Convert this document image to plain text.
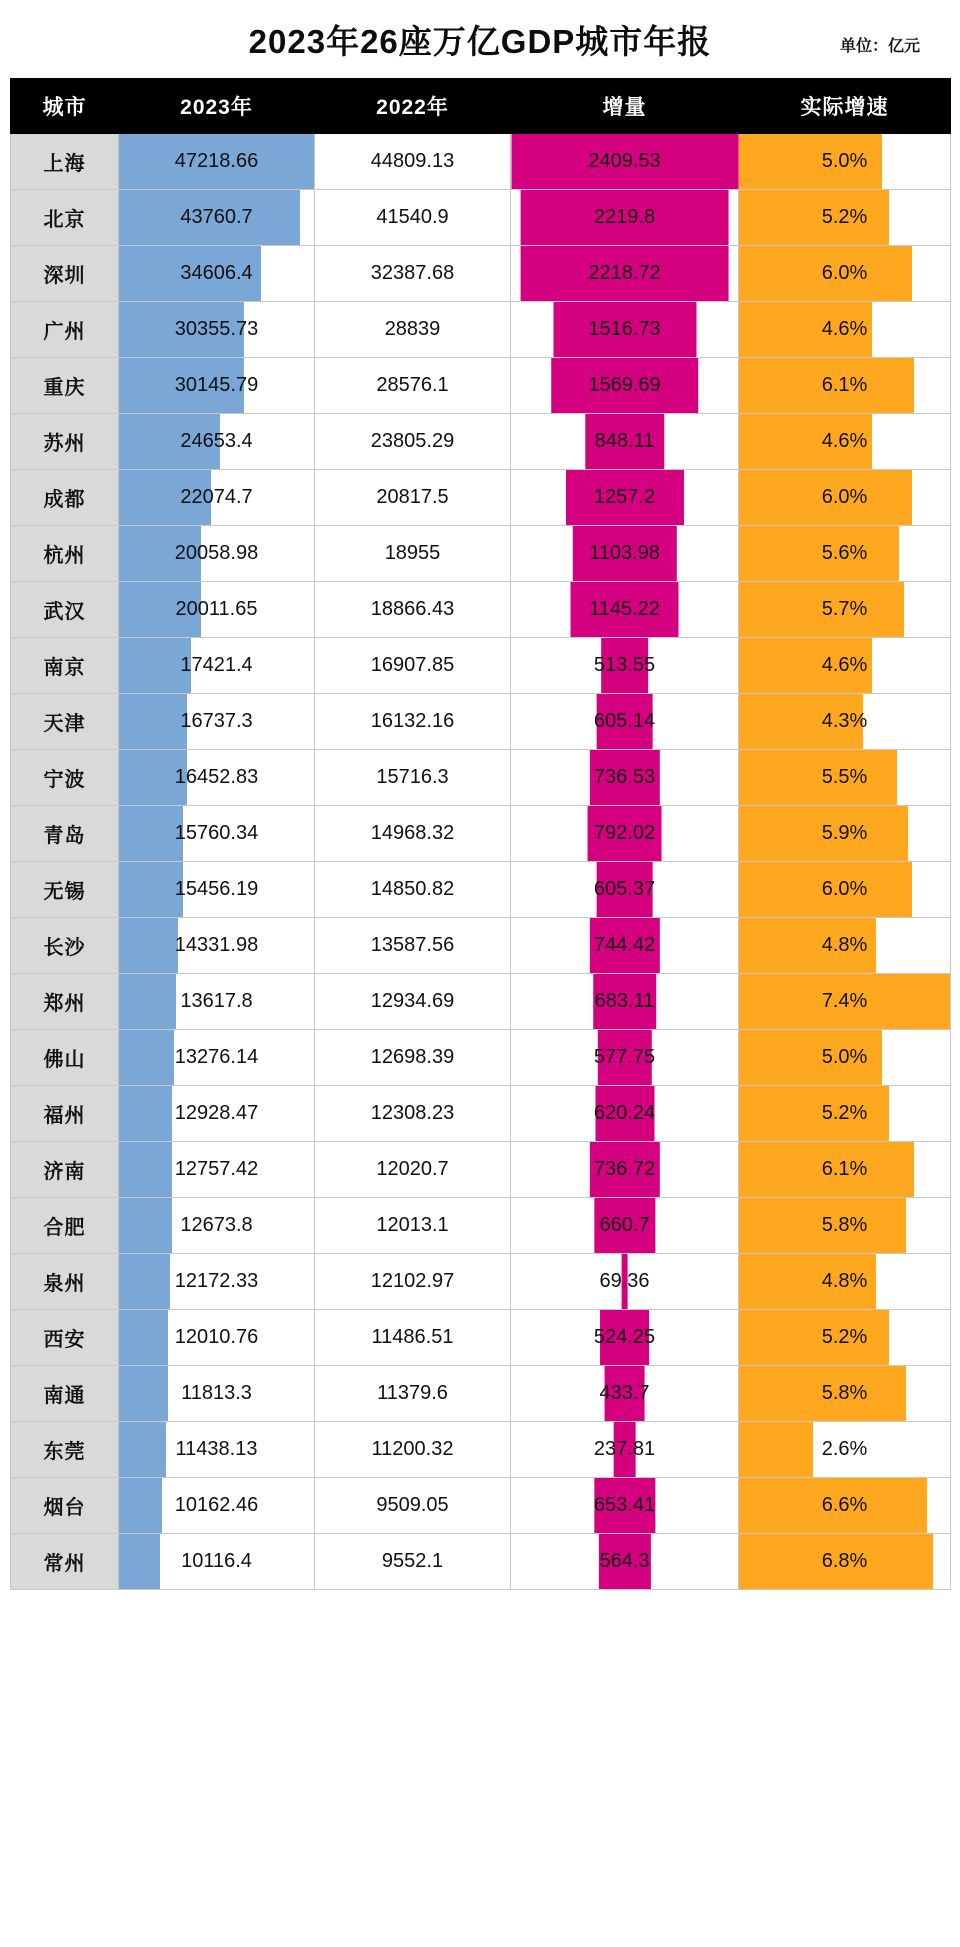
2023年26座万亿GDP城市年报	单位：亿元
城市	2023年	2022年	增量	实际增速
上海	47218.66	44809.13	2409.53	5.0%

北京	43760.7	41540.9	2219.8	5.2%

深圳	34606.4	32387.68	2218.72	6.0%

广州	30355.73	28839	1516.73	4.6%

重庆	30145.79	28576.1	1569.69	6.1%

苏州	24653.4	23805.29	848.11	4.6%

成都	22074.7	20817.5	1257.2	6.0%

杭州	20058.98	18955	1103.98	5.6%

武汉	20011.65	18866.43	1145.22	5.7%

南京	17421.4	16907.85	513.55	4.6%

天津	16737.3	16132.16	605.14	4.3%

宁波	16452.83	15716.3	736.53	5.5%

青岛	15760.34	14968.32	792.02	5.9%

无锡	15456.19	14850.82	605.37	6.0%

长沙	14331.98	13587.56	744.42	4.8%

郑州	13617.8	12934.69	683.11	7.4%

佛山	13276.14	12698.39	577.75	5.0%

福州	12928.47	12308.23	620.24	5.2%

济南	12757.42	12020.7	736.72	6.1%

合肥	12673.8	12013.1	660.7	5.8%

泉州	12172.33	12102.97	69.36	4.8%

西安	12010.76	11486.51	524.25	5.2%

南通	11813.3	11379.6	433.7	5.8%

东莞	11438.13	11200.32	237.81	2.6%

烟台	10162.46	9509.05	653.41	6.6%

常州	10116.4	9552.1	564.3	6.8%
